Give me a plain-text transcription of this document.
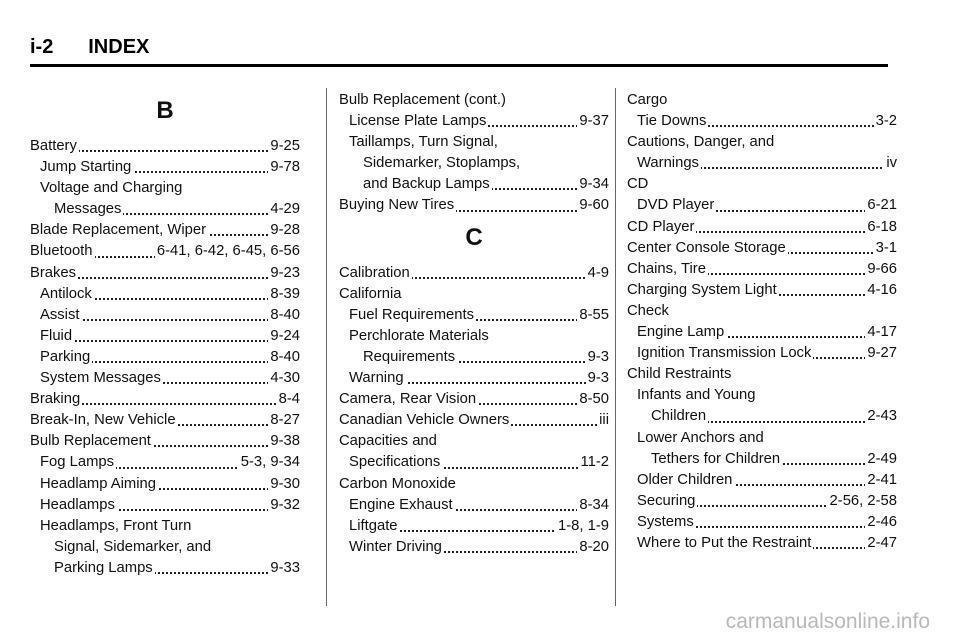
i-2 INDEX
B
Battery	9-25
Jump Starting	9-78
Voltage and Charging
Messages	4-29
Blade Replacement, Wiper	9-28
Bluetooth	6-41, 6-42, 6-45, 6-56
Brakes	9-23
Antilock	8-39
Assist	8-40
Fluid	9-24
Parking	8-40
System Messages	4-30
Braking	8-4
Break-In, New Vehicle	8-27
Bulb Replacement	9-38
Fog Lamps	5-3, 9-34
Headlamp Aiming	9-30
Headlamps	9-32
Headlamps, Front Turn
Signal, Sidemarker, and
Parking Lamps	9-33
Bulb Replacement (cont.)
License Plate Lamps	9-37
Taillamps, Turn Signal,
Sidemarker, Stoplamps,
and Backup Lamps	9-34
Buying New Tires	9-60
C
Calibration	4-9
California
Fuel Requirements	8-55
Perchlorate Materials
Requirements	9-3
Warning	9-3
Camera, Rear Vision	8-50
Canadian Vehicle Owners	iii
Capacities and
Specifications	11-2
Carbon Monoxide
Engine Exhaust	8-34
Liftgate	1-8, 1-9
Winter Driving	8-20
Cargo
Tie Downs	3-2
Cautions, Danger, and
Warnings	iv
CD
DVD Player	6-21
CD Player	6-18
Center Console Storage	3-1
Chains, Tire	9-66
Charging System Light	4-16
Check
Engine Lamp	4-17
Ignition Transmission Lock	9-27
Child Restraints
Infants and Young
Children	2-43
Lower Anchors and
Tethers for Children	2-49
Older Children	2-41
Securing	2-56, 2-58
Systems	2-46
Where to Put the Restraint	2-47
carmanualsonline.info
